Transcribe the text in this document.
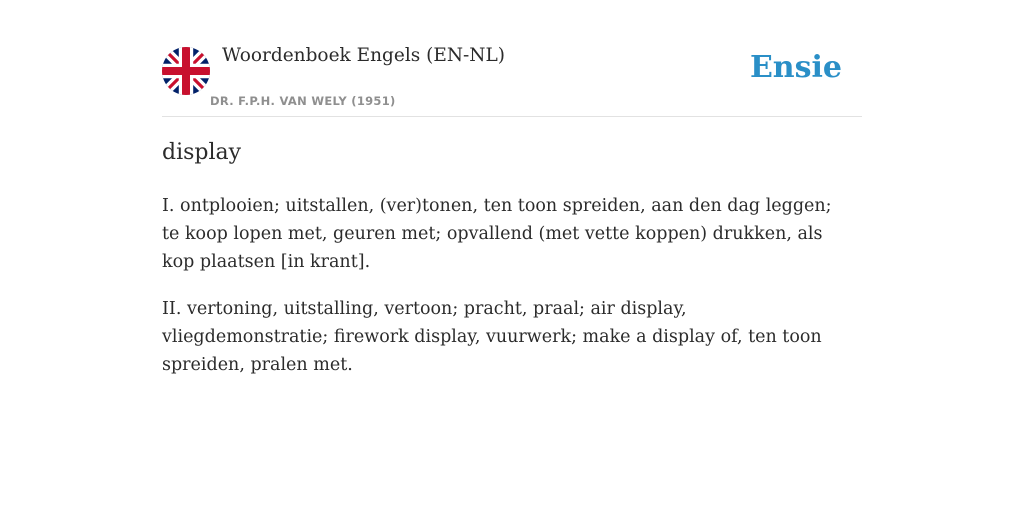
Woordenboek Engels (EN-NL)
DR. F.P.H. VAN WELY (1951)
Ensie
display

I. ontplooien; uitstallen, (ver)tonen, ten toon spreiden, aan den dag leggen; te koop lopen met, geuren met; opvallend (met vette koppen) drukken, als kop plaatsen [in krant].

II. vertoning, uitstalling, vertoon; pracht, praal; air display, vliegdemonstratie; firework display, vuurwerk; make a display of, ten toon spreiden, pralen met.
